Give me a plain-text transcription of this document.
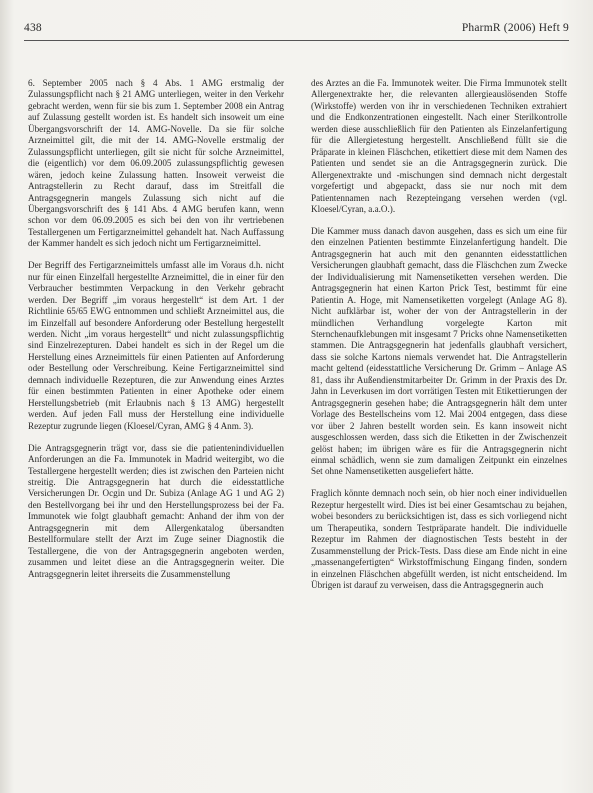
438	PharmR (2006) Heft 9

6. September 2005 nach § 4 Abs. 1 AMG erstmalig der Zulassungspflicht nach § 21 AMG unterliegen, weiter in den Verkehr gebracht werden, wenn für sie bis zum 1. September 2008 ein Antrag auf Zulassung gestellt worden ist. Es handelt sich insoweit um eine Übergangsvorschrift der 14. AMG-Novelle. Da sie für solche Arzneimittel gilt, die mit der 14. AMG-Novelle erstmalig der Zulassungspflicht unterliegen, gilt sie nicht für solche Arzneimittel, die (eigentlich) vor dem 06.09.2005 zulassungspflichtig gewesen wären, jedoch keine Zulassung hatten. Insoweit verweist die Antragstellerin zu Recht darauf, dass im Streitfall die Antragsgegnerin mangels Zulassung sich nicht auf die Übergangsvorschrift des § 141 Abs. 4 AMG berufen kann, wenn schon vor dem 06.09.2005 es sich bei den von ihr vertriebenen Testallergenen um Fertigarzneimittel gehandelt hat. Nach Auffassung der Kammer handelt es sich jedoch nicht um Fertigarzneimittel.

Der Begriff des Fertigarzneimittels umfasst alle im Voraus d.h. nicht nur für einen Einzelfall hergestellte Arzneimittel, die in einer für den Verbraucher bestimmten Verpackung in den Verkehr gebracht werden. Der Begriff „im voraus hergestellt“ ist dem Art. 1 der Richtlinie 65/65 EWG entnommen und schließt Arzneimittel aus, die im Einzelfall auf besondere Anforderung oder Bestellung hergestellt werden. Nicht „im voraus hergestellt“ und nicht zulassungspflichtig sind Einzelrezepturen. Dabei handelt es sich in der Regel um die Herstellung eines Arzneimittels für einen Patienten auf Anforderung oder Bestellung oder Verschreibung. Keine Fertigarzneimittel sind demnach individuelle Rezepturen, die zur Anwendung eines Arztes für einen bestimmten Patienten in einer Apotheke oder einem Herstellungsbetrieb (mit Erlaubnis nach § 13 AMG) hergestellt werden. Auf jeden Fall muss der Herstellung eine individuelle Rezeptur zugrunde liegen (Kloesel/Cyran, AMG § 4 Anm. 3).

Die Antragsgegnerin trägt vor, dass sie die patientenindividuellen Anforderungen an die Fa. Immunotek in Madrid weitergibt, wo die Testallergene hergestellt werden; dies ist zwischen den Parteien nicht streitig. Die Antragsgegnerin hat durch die eidesstattliche Versicherungen Dr. Ocgin und Dr. Subiza (Anlage AG 1 und AG 2) den Bestellvorgang bei ihr und den Herstellungsprozess bei der Fa. Immunotek wie folgt glaubhaft gemacht: Anhand der ihm von der Antragsgegnerin mit dem Allergenkatalog übersandten Bestellformulare stellt der Arzt im Zuge seiner Diagnostik die Testallergene, die von der Antragsgegnerin angeboten werden, zusammen und leitet diese an die Antragsgegnerin weiter. Die Antragsgegnerin leitet ihrerseits die Zusammenstellung

des Arztes an die Fa. Immunotek weiter. Die Firma Immunotek stellt Allergenextrakte her, die relevanten allergieauslösenden Stoffe (Wirkstoffe) werden von ihr in verschiedenen Techniken extrahiert und die Endkonzentrationen eingestellt. Nach einer Sterilkontrolle werden diese ausschließlich für den Patienten als Einzelanfertigung für die Allergietestung hergestellt. Anschließend füllt sie die Präparate in kleinen Fläschchen, etikettiert diese mit dem Namen des Patienten und sendet sie an die Antragsgegnerin zurück. Die Allergenextrakte und -mischungen sind demnach nicht dergestalt vorgefertigt und abgepackt, dass sie nur noch mit dem Patientennamen nach Rezepteingang versehen werden (vgl. Kloesel/Cyran, a.a.O.).

Die Kammer muss danach davon ausgehen, dass es sich um eine für den einzelnen Patienten bestimmte Einzelanfertigung handelt. Die Antragsgegnerin hat auch mit den genannten eidesstattlichen Versicherungen glaubhaft gemacht, dass die Fläschchen zum Zwecke der Individualisierung mit Namensetiketten versehen werden. Die Antragsgegnerin hat einen Karton Prick Test, bestimmt für eine Patientin A. Hoge, mit Namensetiketten vorgelegt (Anlage AG 8). Nicht aufklärbar ist, woher der von der Antragstellerin in der mündlichen Verhandlung vorgelegte Karton mit Sternchenaufklebungen mit insgesamt 7 Pricks ohne Namensetiketten stammen. Die Antragsgegnerin hat jedenfalls glaubhaft versichert, dass sie solche Kartons niemals verwendet hat. Die Antragstellerin macht geltend (eidesstattliche Versicherung Dr. Grimm – Anlage AS 81, dass ihr Außendienstmitarbeiter Dr. Grimm in der Praxis des Dr. Jahn in Leverkusen im dort vorrätigen Testen mit Etikettierungen der Antragsgegnerin gesehen habe; die Antragsgegnerin hält dem unter Vorlage des Bestellscheins vom 12. Mai 2004 entgegen, dass diese vor über 2 Jahren bestellt worden sein. Es kann insoweit nicht ausgeschlossen werden, dass sich die Etiketten in der Zwischenzeit gelöst haben; im übrigen wäre es für die Antragsgegnerin nicht einmal schädlich, wenn sie zum damaligen Zeitpunkt ein einzelnes Set ohne Namensetiketten ausgeliefert hätte.

Fraglich könnte demnach noch sein, ob hier noch einer individuellen Rezeptur hergestellt wird. Dies ist bei einer Gesamtschau zu bejahen, wobei besonders zu berücksichtigen ist, dass es sich vorliegend nicht um Therapeutika, sondern Testpräparate handelt. Die individuelle Rezeptur im Rahmen der diagnostischen Tests besteht in der Zusammenstellung der Prick-Tests. Dass diese am Ende nicht in eine „massenangefertigten“ Wirkstoffmischung Eingang finden, sondern in einzelnen Fläschchen abgefüllt werden, ist nicht entscheidend. Im Übrigen ist darauf zu verweisen, dass die Antragsgegnerin auch
